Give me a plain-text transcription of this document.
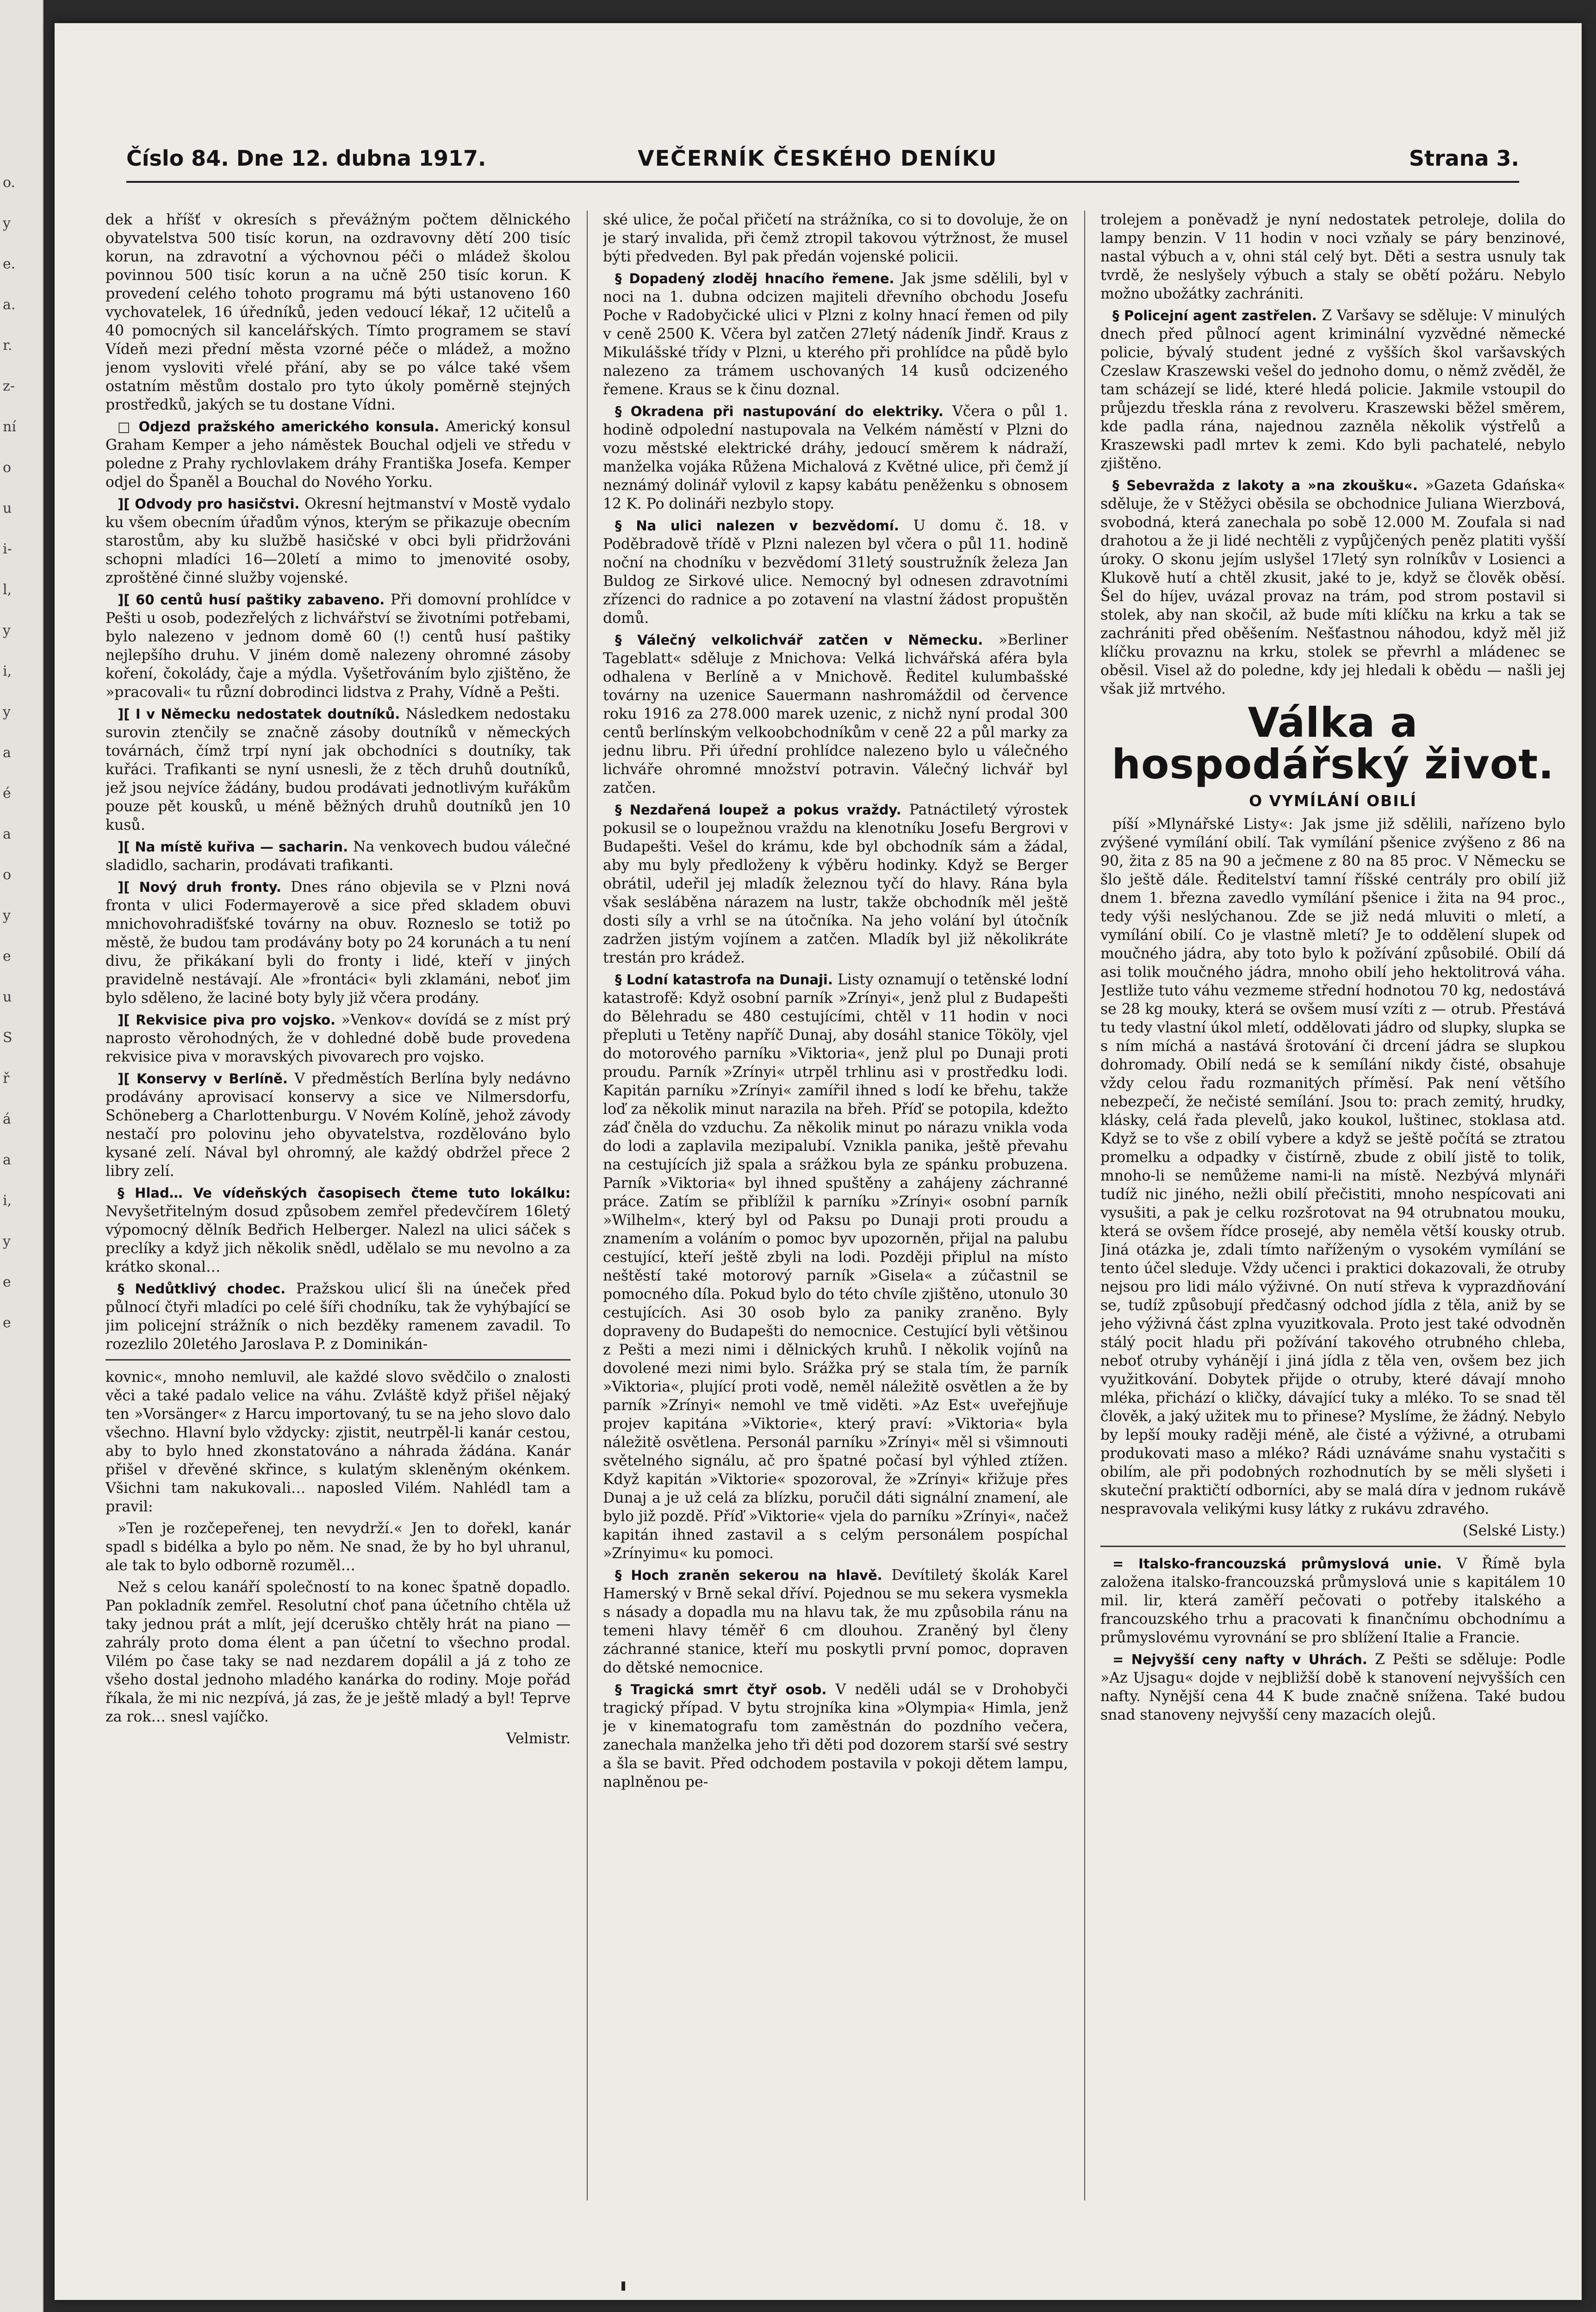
o.
y
e.
a.
r.
z-
ní
o
u
i-
l,
y
i,
y
a
é
a
o
y
e
u
S
ř
á
a
i,
y
e
e
Číslo 84. Dne 12. dubna 1917.	VEČERNÍK ČESKÉHO DENÍKU	Strana 3.

dek a hříšť v okresích s převážným počtem dělnického obyvatelstva 500 tisíc korun, na ozdravovny dětí 200 tisíc korun, na zdravotní a výchovnou péči o mládež školou povinnou 500 tisíc korun a na učně 250 tisíc korun. K provedení celého tohoto programu má býti ustanoveno 160 vychovatelek, 16 úředníků, jeden vedoucí lékař, 12 učitelů a 40 pomocných sil kancelářských. Tímto programem se staví Vídeň mezi přední města vzorné péče o mládež, a možno jenom vysloviti vřelé přání, aby se po válce také všem ostatním městům dostalo pro tyto úkoly poměrně stejných prostředků, jakých se tu dostane Vídni.

□ Odjezd pražského amerického konsula. Americký konsul Graham Kemper a jeho náměstek Bouchal odjeli ve středu v poledne z Prahy rychlovlakem dráhy Františka Josefa. Kemper odjel do Španěl a Bouchal do Nového Yorku.

][ Odvody pro hasičstvi. Okresní hejtmanství v Mostě vydalo ku všem obecním úřadům výnos, kterým se přikazuje obecním starostům, aby ku službě hasičské v obci byli přidržováni schopni mladíci 16—20letí a mimo to jmenovité osoby, zproštěné činné služby vojenské.

][ 60 centů husí paštiky zabaveno. Při domovní prohlídce v Pešti u osob, podezřelých z lichvářství se životními potřebami, bylo nalezeno v jednom domě 60 (!) centů husí paštiky nejlepšího druhu. V jiném domě nalezeny ohromné zásoby koření, čokolády, čaje a mýdla. Vyšetřováním bylo zjištěno, že »pracovali« tu různí dobrodinci lidstva z Prahy, Vídně a Pešti.

][ I v Německu nedostatek doutníků. Následkem nedostaku surovin ztenčily se značně zásoby doutníků v německých továrnách, čímž trpí nyní jak obchodníci s doutníky, tak kuřáci. Trafikanti se nyní usnesli, že z těch druhů doutníků, jež jsou nejvíce žádány, budou prodávati jednotlivým kuřákům pouze pět kousků, u méně běžných druhů doutníků jen 10 kusů.

][ Na místě kuřiva — sacharin. Na venkovech budou válečné sladidlo, sacharin, prodávati trafikanti.

][ Nový druh fronty. Dnes ráno objevila se v Plzni nová fronta v ulici Fodermayerově a sice před skladem obuvi mnichovohradišťské továrny na obuv. Rozneslo se totiž po městě, že budou tam prodávány boty po 24 korunách a tu není divu, že přikákaní byli do fronty i lidé, kteří v jiných pravidelně nestávají. Ale »frontáci« byli zklamáni, neboť jim bylo sděleno, že laciné boty byly již včera prodány.

][ Rekvisice piva pro vojsko. »Venkov« dovídá se z míst prý naprosto věrohodných, že v dohledné době bude provedena rekvisice piva v moravských pivovarech pro vojsko.

][ Konservy v Berlíně. V předměstích Berlína byly nedávno prodávány aprovisací konservy a sice ve Nilmersdorfu, Schöneberg a Charlottenburgu. V Novém Kolíně, jehož závody nestačí pro polovinu jeho obyvatelstva, rozdělováno bylo kysané zelí. Nával byl ohromný, ale každý obdržel přece 2 libry zelí.

§ Hlad… Ve vídeňských časopisech čteme tuto lokálku: Nevyšetřitelným dosud způsobem zemřel předevčírem 16letý výpomocný dělník Bedřich Helberger. Nalezl na ulici sáček s preclíky a když jich několik snědl, udělalo se mu nevolno a za krátko skonal…

§ Nedůtklivý chodec. Pražskou ulicí šli na úneček před půlnocí čtyři mladíci po celé šíři chodníku, tak že vyhýbající se jim policejní strážník o nich bezděky ramenem zavadil. To rozezlilo 20letého Jaroslava P. z Dominikán-

kovnic«, mnoho nemluvil, ale každé slovo svědčilo o znalosti věci a také padalo velice na váhu. Zvláště když přišel nějaký ten »Vorsänger« z Harcu importovaný, tu se na jeho slovo dalo všechno. Hlavní bylo vždycky: zjistit, neutrpěl-li kanár cestou, aby to bylo hned zkonstatováno a náhrada žádána. Kanár přišel v dřevěné skřince, s kulatým skleněným okénkem. Všichni tam nakukovali… naposled Vilém. Nahlédl tam a pravil:

»Ten je rozčepeřenej, ten nevydrží.« Jen to dořekl, kanár spadl s bidélka a bylo po něm. Ne snad, že by ho byl uhranul, ale tak to bylo odborně rozuměl…

Než s celou kanáří společností to na konec špatně dopadlo. Pan pokladník zemřel. Resolutní choť pana účetního chtěla už taky jednou prát a mlít, její dceruško chtěly hrát na piano — zahrály proto doma élent a pan účetní to všechno prodal. Vilém po čase taky se nad nezdarem dopálil a já z toho ze všeho dostal jednoho mladého kanárka do rodiny. Moje pořád říkala, že mi nic nezpívá, já zas, že je ještě mladý a byl! Teprve za rok… snesl vajíčko.

Velmistr.

ské ulice, že počal přičetí na strážníka, co si to dovoluje, že on je starý invalida, při čemž ztropil takovou výtržnost, že musel býti předveden. Byl pak předán vojenské policii.

§ Dopadený zloděj hnacího řemene. Jak jsme sdělili, byl v noci na 1. dubna odcizen majiteli dřevního obchodu Josefu Poche v Radobyčické ulici v Plzni z kolny hnací řemen od pily v ceně 2500 K. Včera byl zatčen 27letý nádeník Jindř. Kraus z Mikulášské třídy v Plzni, u kterého při prohlídce na půdě bylo nalezeno za trámem uschovaných 14 kusů odcizeného řemene. Kraus se k činu doznal.

§ Okradena při nastupování do elektriky. Včera o půl 1. hodině odpolední nastupovala na Velkém náměstí v Plzni do vozu městské elektrické dráhy, jedoucí směrem k nádraží, manželka vojáka Růžena Michalová z Květné ulice, při čemž jí neznámý dolinář vylovil z kapsy kabátu peněženku s obnosem 12 K. Po dolináři nezbylo stopy.

§ Na ulici nalezen v bezvědomí. U domu č. 18. v Poděbradově třídě v Plzni nalezen byl včera o půl 11. hodině noční na chodníku v bezvědomí 31letý soustružník železa Jan Buldog ze Sirkové ulice. Nemocný byl odnesen zdravotními zřízenci do radnice a po zotavení na vlastní žádost propuštěn domů.

§ Válečný velkolichvář zatčen v Německu. »Berliner Tageblatt« sděluje z Mnichova: Velká lichvářská aféra byla odhalena v Berlíně a v Mnichově. Ředitel kulumbašské továrny na uzenice Sauermann nashromáždil od července roku 1916 za 278.000 marek uzenic, z nichž nyní prodal 300 centů berlínským velkoobchodníkům v ceně 22 a půl marky za jednu libru. Při úřední prohlídce nalezeno bylo u válečného lichváře ohromné množství potravin. Válečný lichvář byl zatčen.

§ Nezdařená loupež a pokus vraždy. Patnáctiletý výrostek pokusil se o loupežnou vraždu na klenotníku Josefu Bergrovi v Budapešti. Vešel do krámu, kde byl obchodník sám a žádal, aby mu byly předloženy k výběru hodinky. Když se Berger obrátil, udeřil jej mladík železnou tyčí do hlavy. Rána byla však sesláběna nárazem na lustr, takže obchodník měl ještě dosti síly a vrhl se na útočníka. Na jeho volání byl útočník zadržen jistým vojínem a zatčen. Mladík byl již několikráte trestán pro krádež.

§ Lodní katastrofa na Dunaji. Listy oznamují o tetěnské lodní katastrofě: Když osobní parník »Zrínyi«, jenž plul z Budapešti do Bělehradu se 480 cestujícími, chtěl v 11 hodin v noci přepluti u Tetěny napříč Dunaj, aby dosáhl stanice Tököly, vjel do motorového parníku »Viktoria«, jenž plul po Dunaji proti proudu. Parník »Zrínyi« utrpěl trhlinu asi v prostředku lodi. Kapitán parníku »Zrínyi« zamířil ihned s lodí ke břehu, takže loď za několik minut narazila na břeh. Příď se potopila, kdežto záď čněla do vzduchu. Za několik minut po nárazu vnikla voda do lodi a zaplavila mezipalubí. Vznikla panika, ještě převahu na cestujících již spala a srážkou byla ze spánku probuzena. Parník »Viktoria« byl ihned spuštěny a zahájeny záchranné práce. Zatím se přiblížil k parníku »Zrínyi« osobní parník »Wilhelm«, který byl od Paksu po Dunaji proti proudu a znamením a voláním o pomoc byv upozorněn, přijal na palubu cestující, kteří ještě zbyli na lodi. Později připlul na místo neštěstí také motorový parník »Gisela« a zúčastnil se pomocného díla. Pokud bylo do této chvíle zjištěno, utonulo 30 cestujících. Asi 30 osob bylo za paniky zraněno. Byly dopraveny do Budapešti do nemocnice. Cestující byli většinou z Pešti a mezi nimi i dělnických kruhů. I několik vojínů na dovolené mezi nimi bylo. Srážka prý se stala tím, že parník »Viktoria«, plující proti vodě, neměl náležitě osvětlen a že by parník »Zrínyi« nemohl ve tmě viděti. »Az Est« uveřejňuje projev kapitána »Viktorie«, který praví: »Viktoria« byla náležitě osvětlena. Personál parníku »Zrínyi« měl si všimnouti světelného signálu, ač pro špatné počasí byl výhled ztížen. Když kapitán »Viktorie« spozoroval, že »Zrínyi« křižuje přes Dunaj a je už celá za blízku, poručil dáti signální znamení, ale bylo již pozdě. Příď »Viktorie« vjela do parníku »Zrínyi«, načež kapitán ihned zastavil a s celým personálem pospíchal »Zrínyimu« ku pomoci.

§ Hoch zraněn sekerou na hlavě. Devítiletý školák Karel Hamerský v Brně sekal dříví. Pojednou se mu sekera vysmekla s násady a dopadla mu na hlavu tak, že mu způsobila ránu na temeni hlavy téměř 6 cm dlouhou. Zraněný byl členy záchranné stanice, kteří mu poskytli první pomoc, dopraven do dětské nemocnice.

§ Tragická smrt čtyř osob. V neděli udál se v Drohobyči tragický případ. V bytu strojníka kina »Olympia« Himla, jenž je v kinematografu tom zaměstnán do pozdního večera, zanechala manželka jeho tři děti pod dozorem starší své sestry a šla se bavit. Před odchodem postavila v pokoji dětem lampu, naplněnou pe-

trolejem a poněvadž je nyní nedostatek petroleje, dolila do lampy benzin. V 11 hodin v noci vzňaly se páry benzinové, nastal výbuch a v, ohni stál celý byt. Děti a sestra usnuly tak tvrdě, že neslyšely výbuch a staly se obětí požáru. Nebylo možno ubožátky zachrániti.

§ Policejní agent zastřelen. Z Varšavy se sděluje: V minulých dnech před půlnocí agent kriminální vyzvědné německé policie, bývalý student jedné z vyšších škol varšavských Czeslaw Kraszewski vešel do jednoho domu, o němž zvěděl, že tam scházejí se lidé, které hledá policie. Jakmile vstoupil do průjezdu třeskla rána z revolveru. Kraszewski běžel směrem, kde padla rána, najednou zazněla několik výstřelů a Kraszewski padl mrtev k zemi. Kdo byli pachatelé, nebylo zjištěno.

§ Sebevražda z lakoty a »na zkoušku«. »Gazeta Gdańska« sděluje, že v Stěžyci oběsila se obchodnice Juliana Wierzbová, svobodná, která zanechala po sobě 12.000 M. Zoufala si nad drahotou a že ji lidé nechtěli z vypůjčených peněz platiti vyšší úroky. O skonu jejím uslyšel 17letý syn rolníkův v Losienci a Klukově hutí a chtěl zkusit, jaké to je, když se člověk oběsí. Šel do híjev, uvázal provaz na trám, pod strom postavil si stolek, aby nan skočil, až bude míti klíčku na krku a tak se zachrániti před oběšením. Nešťastnou náhodou, když měl již klíčku provaznu na krku, stolek se převrhl a mládenec se oběsil. Visel až do poledne, kdy jej hledali k obědu — našli jej však již mrtvého.

Válka a hospodářský život.
O VYMÍLÁNÍ OBILÍ

píší »Mlynářské Listy«: Jak jsme již sdělili, nařízeno bylo zvýšené vymílání obilí. Tak vymílání pšenice zvýšeno z 86 na 90, žita z 85 na 90 a ječmene z 80 na 85 proc. V Německu se šlo ještě dále. Ředitelství tamní říšské centrály pro obilí již dnem 1. března zavedlo vymílání pšenice i žita na 94 proc., tedy výši neslýchanou. Zde se již nedá mluviti o mletí, a vymílání obilí. Co je vlastně mletí? Je to oddělení slupek od moučného jádra, aby toto bylo k požívání způsobilé. Obilí dá asi tolik moučného jádra, mnoho obilí jeho hektolitrová váha. Jestliže tuto váhu vezmeme střední hodnotou 70 kg, nedostává se 28 kg mouky, která se ovšem musí vzíti z — otrub. Přestává tu tedy vlastní úkol mletí, oddělovati jádro od slupky, slupka se s ním míchá a nastává šrotování či drcení jádra se slupkou dohromady. Obilí nedá se k semílání nikdy čisté, obsahuje vždy celou řadu rozmanitých příměsí. Pak není většího nebezpečí, že nečisté semílání. Jsou to: prach zemitý, hrudky, klásky, celá řada plevelů, jako koukol, luštinec, stoklasa atd. Když se to vše z obilí vybere a když se ještě počítá se ztratou promelku a odpadky v čistírně, zbude z obilí jistě to tolik, mnoho-li se nemůžeme nami-li na místě. Nezbývá mlynáři tudíž nic jiného, nežli obilí přečistiti, mnoho nespícovati ani vysušiti, a pak je celku rozšrotovat na 94 otrubnatou mouku, která se ovšem řídce prosejé, aby neměla větší kousky otrub. Jiná otázka je, zdali tímto naříženým o vysokém vymílání se tento účel sleduje. Vždy učenci i praktici dokazovali, že otruby nejsou pro lidi málo výživné. On nutí střeva k vyprazdňování se, tudíž způsobují předčasný odchod jídla z těla, aniž by se jeho výživná část zplna vyuzitkovala. Proto jest také odvodněn stálý pocit hladu při požívání takového otrubného chleba, neboť otruby vyhánějí i jiná jídla z těla ven, ovšem bez jich využitkování. Dobytek přijde o otruby, které dávají mnoho mléka, přichází o kličky, dávající tuky a mléko. To se snad těl člověk, a jaký užitek mu to přinese? Myslíme, že žádný. Nebylo by lepší mouky raději méně, ale čisté a výživné, a otrubami produkovati maso a mléko? Rádi uznáváme snahu vystačiti s obilím, ale při podobných rozhodnutích by se měli slyšeti i skuteční praktičtí odborníci, aby se malá díra v jednom rukávě nespravovala velikými kusy látky z rukávu zdravého.

(Selské Listy.)

= Italsko-francouzská průmyslová unie. V Římě byla založena italsko-francouzská průmyslová unie s kapitálem 10 mil. lir, která zaměří pečovati o potřeby italského a francouzského trhu a pracovati k finančnímu obchodnímu a průmyslovému vyrovnání se pro sblížení Italie a Francie.

= Nejvyšší ceny nafty v Uhrách. Z Pešti se sděluje: Podle »Az Ujsagu« dojde v nejbližší době k stanovení nejvyšších cen nafty. Nynější cena 44 K bude značně snížena. Také budou snad stanoveny nejvyšší ceny mazacích olejů.
